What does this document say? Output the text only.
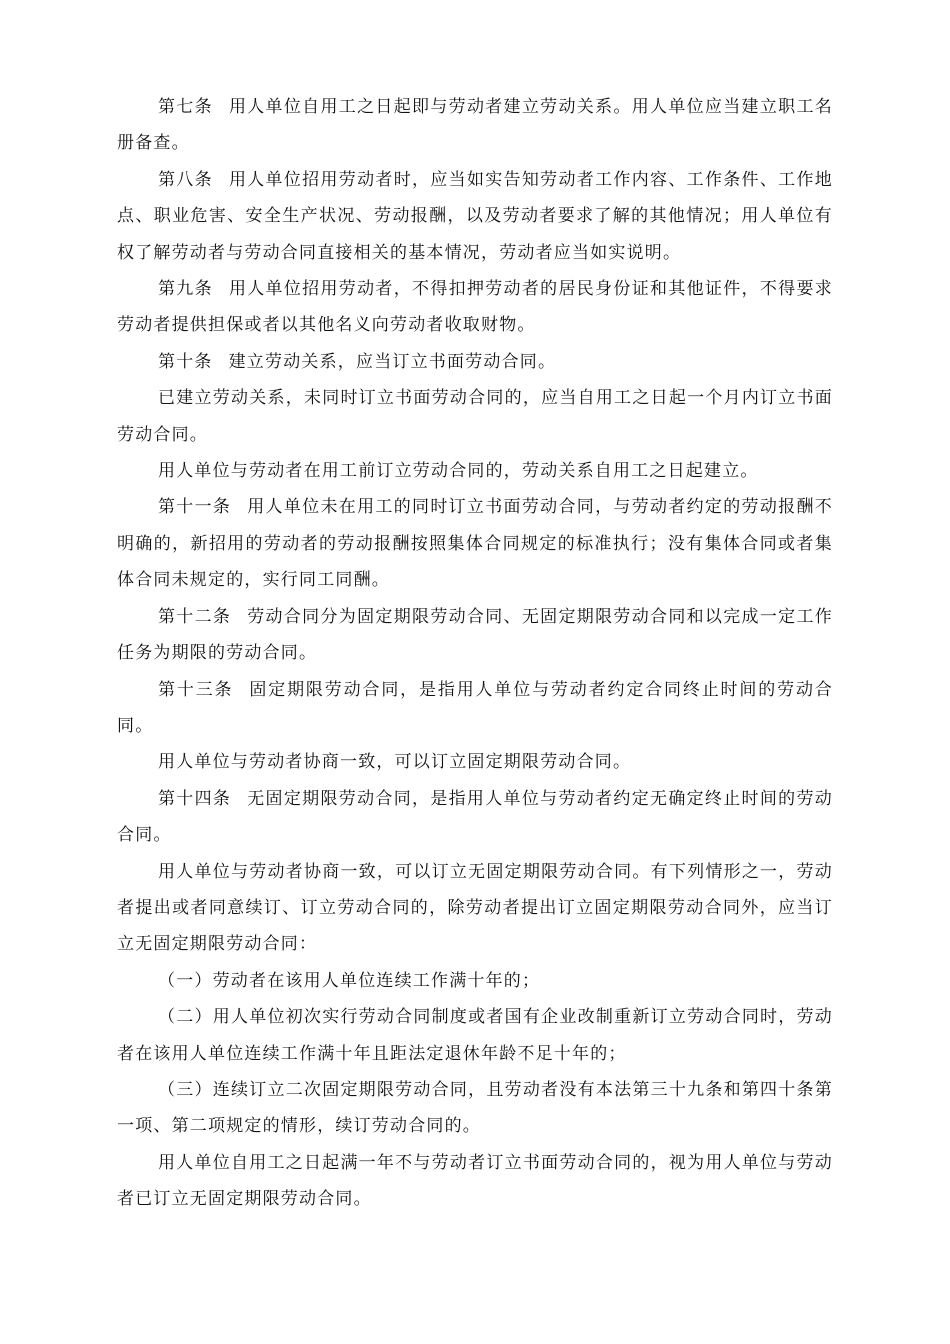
第七条 用人单位自用工之日起即与劳动者建立劳动关系。用人单位应当建立职工名册备查。

第八条 用人单位招用劳动者时，应当如实告知劳动者工作内容、工作条件、工作地点、职业危害、安全生产状况、劳动报酬，以及劳动者要求了解的其他情况；用人单位有权了解劳动者与劳动合同直接相关的基本情况，劳动者应当如实说明。

第九条 用人单位招用劳动者，不得扣押劳动者的居民身份证和其他证件，不得要求劳动者提供担保或者以其他名义向劳动者收取财物。

第十条 建立劳动关系，应当订立书面劳动合同。

已建立劳动关系，未同时订立书面劳动合同的，应当自用工之日起一个月内订立书面劳动合同。

用人单位与劳动者在用工前订立劳动合同的，劳动关系自用工之日起建立。

第十一条 用人单位未在用工的同时订立书面劳动合同，与劳动者约定的劳动报酬不明确的，新招用的劳动者的劳动报酬按照集体合同规定的标准执行；没有集体合同或者集体合同未规定的，实行同工同酬。

第十二条 劳动合同分为固定期限劳动合同、无固定期限劳动合同和以完成一定工作任务为期限的劳动合同。

第十三条 固定期限劳动合同，是指用人单位与劳动者约定合同终止时间的劳动合同。

用人单位与劳动者协商一致，可以订立固定期限劳动合同。

第十四条 无固定期限劳动合同，是指用人单位与劳动者约定无确定终止时间的劳动合同。

用人单位与劳动者协商一致，可以订立无固定期限劳动合同。有下列情形之一，劳动者提出或者同意续订、订立劳动合同的，除劳动者提出订立固定期限劳动合同外，应当订立无固定期限劳动合同：

（一）劳动者在该用人单位连续工作满十年的；

（二）用人单位初次实行劳动合同制度或者国有企业改制重新订立劳动合同时，劳动者在该用人单位连续工作满十年且距法定退休年龄不足十年的；

（三）连续订立二次固定期限劳动合同，且劳动者没有本法第三十九条和第四十条第一项、第二项规定的情形，续订劳动合同的。

用人单位自用工之日起满一年不与劳动者订立书面劳动合同的，视为用人单位与劳动者已订立无固定期限劳动合同。
